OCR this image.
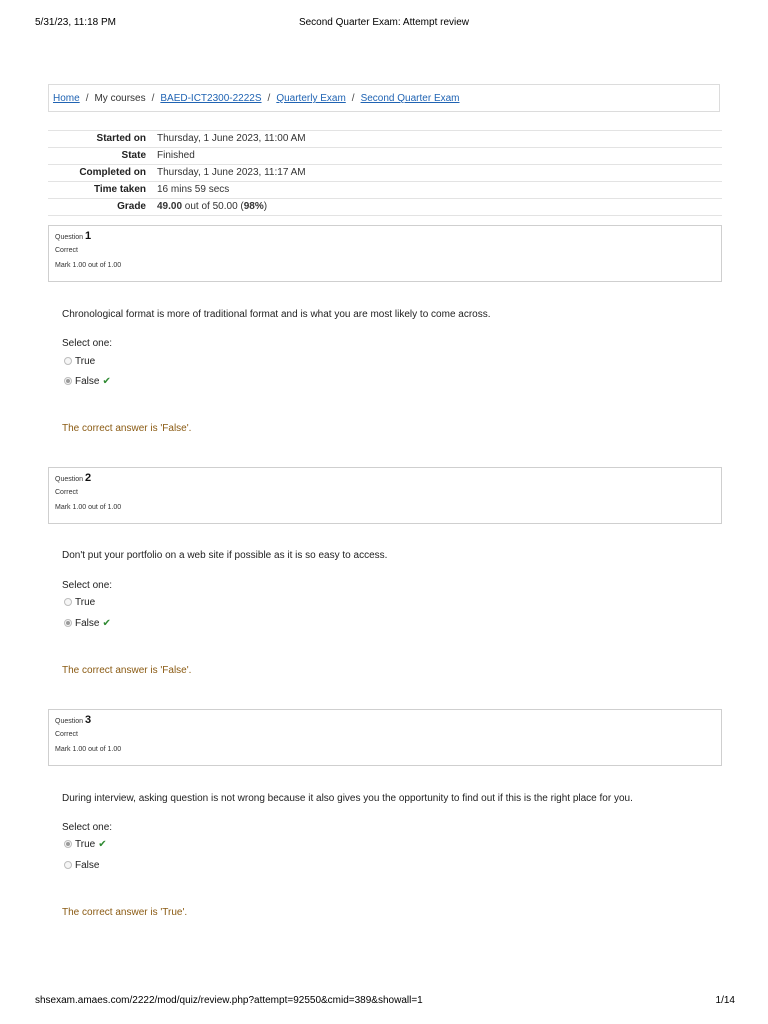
5/31/23, 11:18 PM	Second Quarter Exam: Attempt review
Home / My courses / BAED-ICT2300-2222S / Quarterly Exam / Second Quarter Exam
Started on Thursday, 1 June 2023, 11:00 AM
State Finished
Completed on Thursday, 1 June 2023, 11:17 AM
Time taken 16 mins 59 secs
Grade 49.00 out of 50.00 (98%)
Question 1
Correct
Mark 1.00 out of 1.00
Chronological format is more of traditional format and is what you are most likely to come across.
Select one:
True
False ✔
The correct answer is 'False'.
Question 2
Correct
Mark 1.00 out of 1.00
Don't put your portfolio on a web site if possible as it is so easy to access.
Select one:
True
False ✔
The correct answer is 'False'.
Question 3
Correct
Mark 1.00 out of 1.00
During interview, asking question is not wrong because it also gives you the opportunity to find out if this is the right place for you.
Select one:
True ✔
False
The correct answer is 'True'.
shsexam.amaes.com/2222/mod/quiz/review.php?attempt=92550&cmid=389&showall=1	1/14
